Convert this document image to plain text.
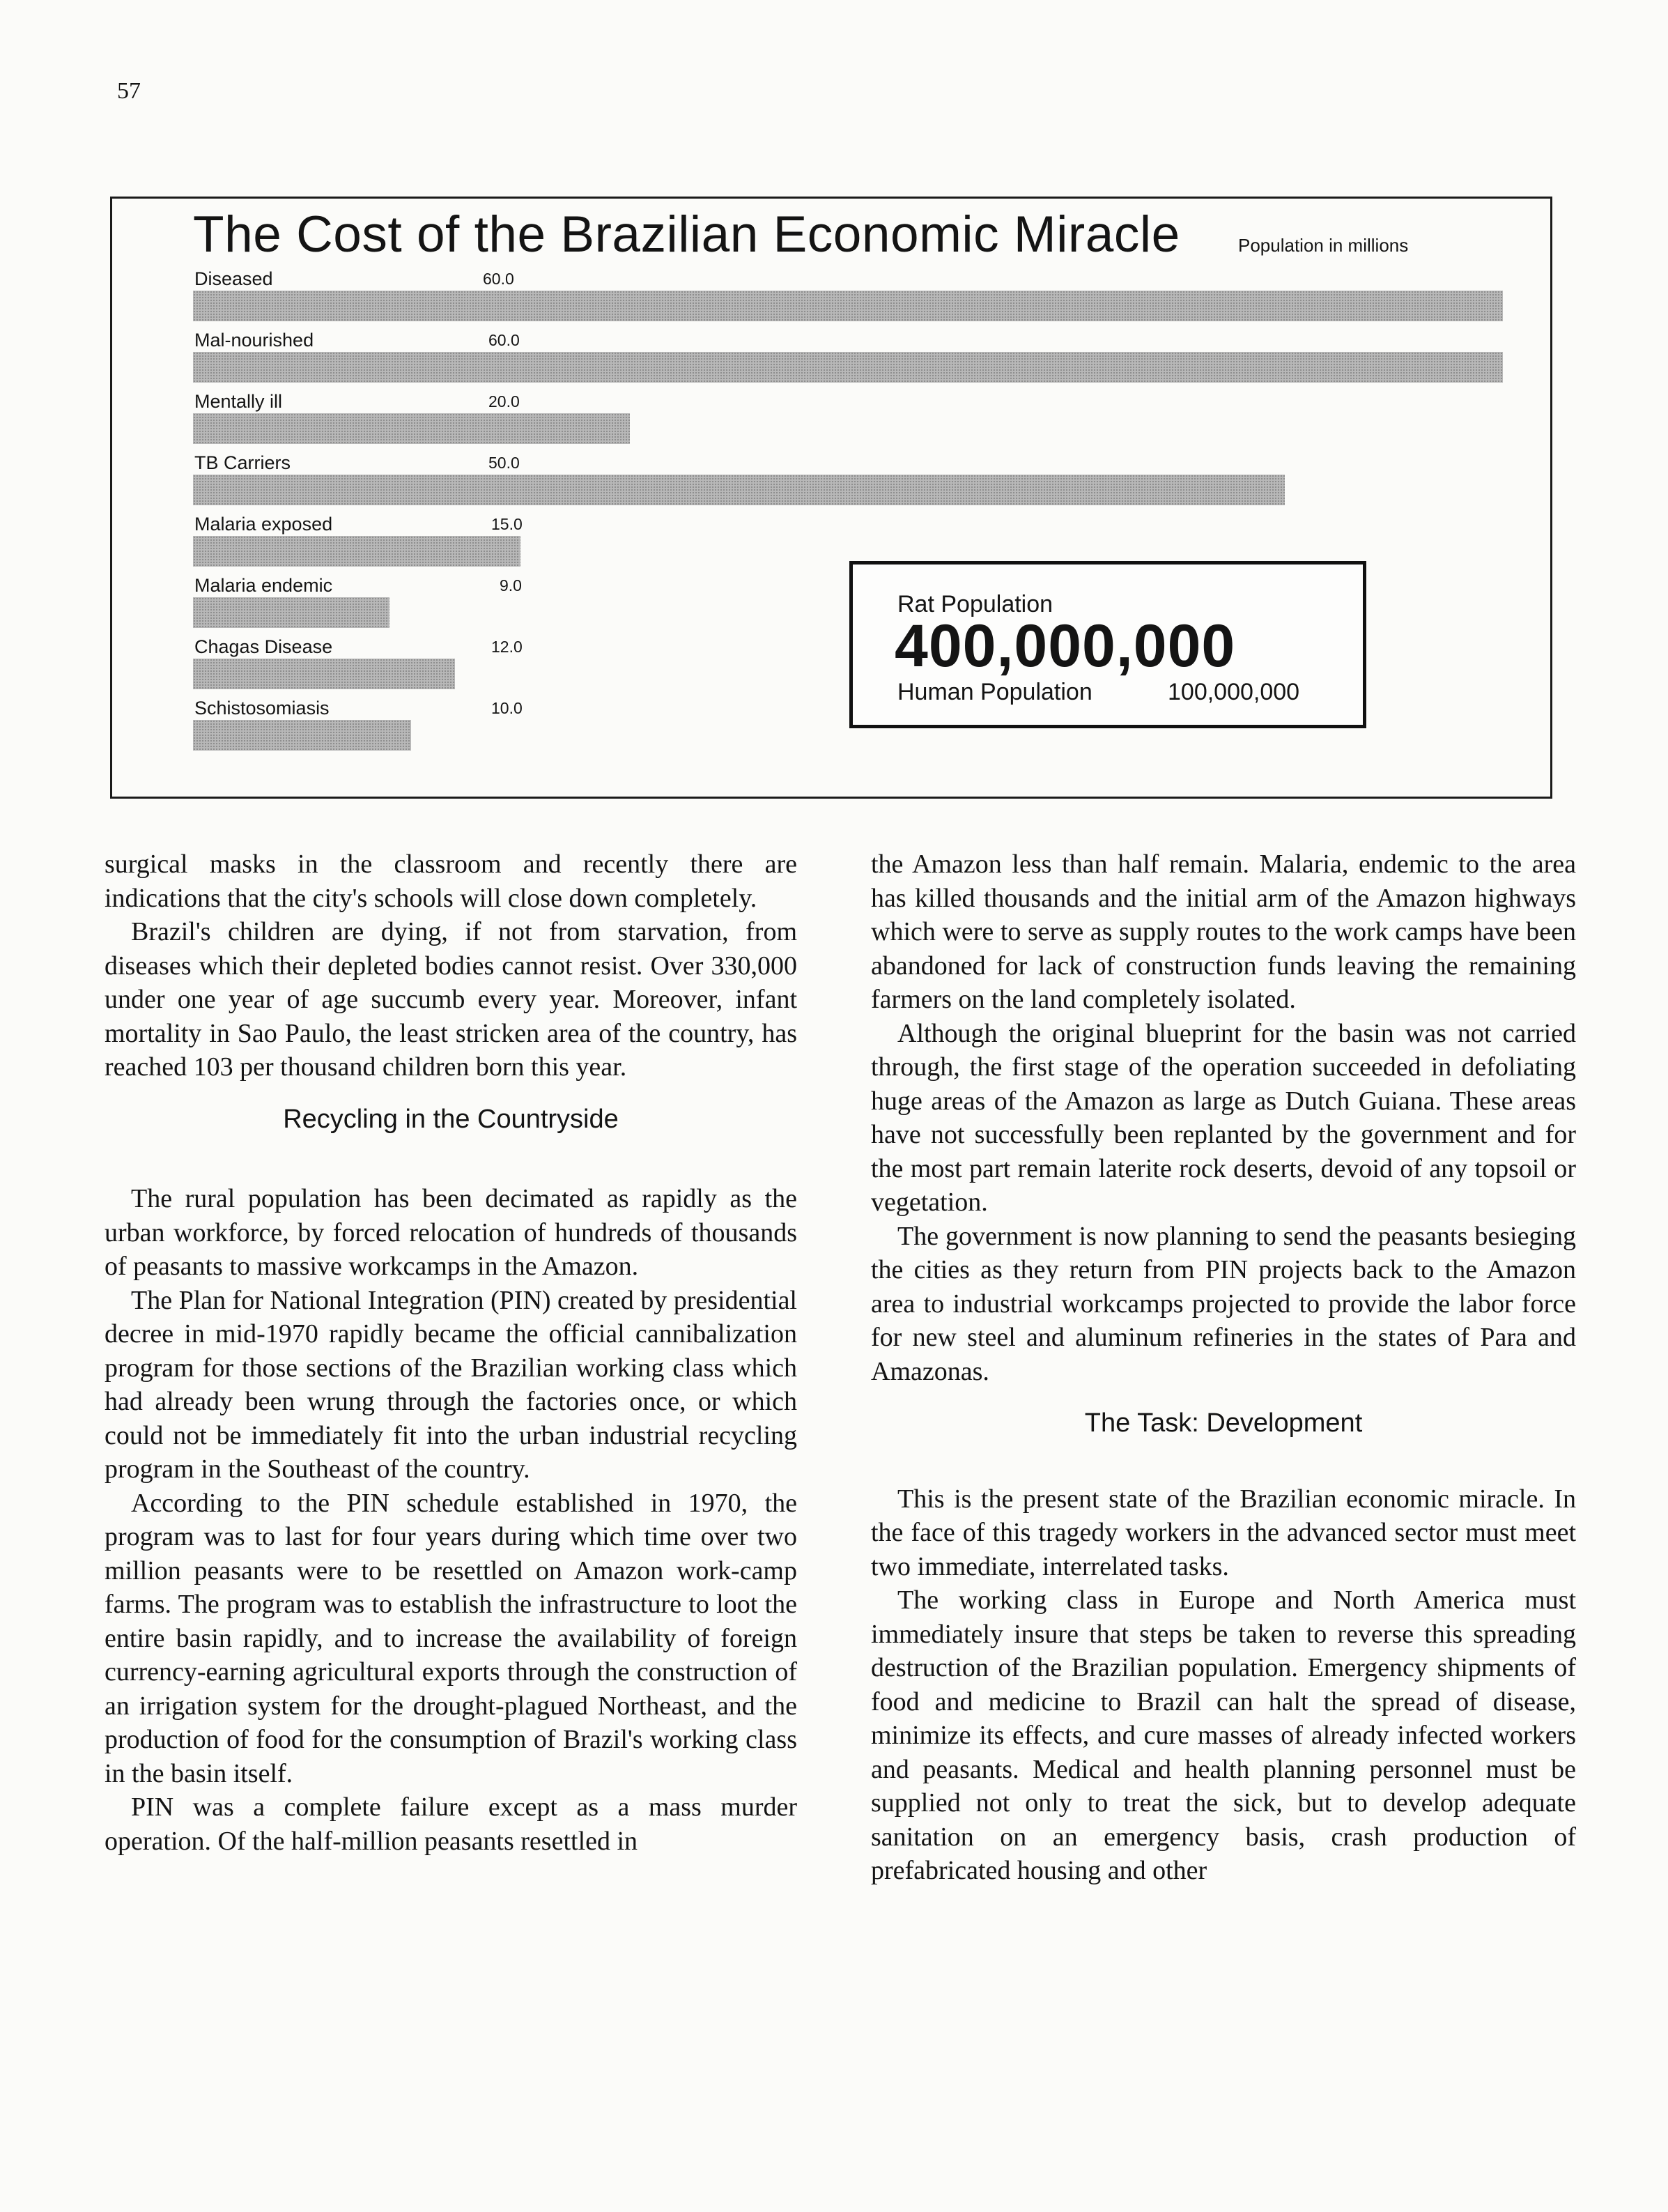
57
The Cost of the Brazilian Economic Miracle	Population in millions
Diseased	60.0
Mal-nourished	60.0
Mentally ill	20.0
TB Carriers	50.0
Malaria exposed	15.0
Malaria endemic	9.0
Chagas Disease	12.0
Schistosomiasis	10.0
Rat Population
400,000,000
Human Population	100,000,000

surgical masks in the classroom and recently there are indications that the city's schools will close down completely.

Brazil's children are dying, if not from starvation, from diseases which their depleted bodies cannot resist. Over 330,000 under one year of age succumb every year. Moreover, infant mortality in Sao Paulo, the least stricken area of the country, has reached 103 per thousand children born this year.

Recycling in the Countryside

The rural population has been decimated as rapidly as the urban workforce, by forced relocation of hundreds of thousands of peasants to massive workcamps in the Amazon.

The Plan for National Integration (PIN) created by presidential decree in mid-1970 rapidly became the official cannibalization program for those sections of the Brazilian working class which had already been wrung through the factories once, or which could not be immediately fit into the urban industrial recycling program in the Southeast of the country.

According to the PIN schedule established in 1970, the program was to last for four years during which time over two million peasants were to be resettled on Amazon work-camp farms. The program was to establish the infrastructure to loot the entire basin rapidly, and to increase the availability of foreign currency-earning agricultural exports through the construction of an irrigation system for the drought-plagued Northeast, and the production of food for the consumption of Brazil's working class in the basin itself.

PIN was a complete failure except as a mass murder operation. Of the half-million peasants resettled in

the Amazon less than half remain. Malaria, endemic to the area has killed thousands and the initial arm of the Amazon highways which were to serve as supply routes to the work camps have been abandoned for lack of construction funds leaving the remaining farmers on the land completely isolated.

Although the original blueprint for the basin was not carried through, the first stage of the operation succeeded in defoliating huge areas of the Amazon as large as Dutch Guiana. These areas have not successfully been replanted by the government and for the most part remain laterite rock deserts, devoid of any topsoil or vegetation.

The government is now planning to send the peasants besieging the cities as they return from PIN projects back to the Amazon area to industrial workcamps projected to provide the labor force for new steel and aluminum refineries in the states of Para and Amazonas.

The Task: Development

This is the present state of the Brazilian economic miracle. In the face of this tragedy workers in the advanced sector must meet two immediate, interrelated tasks.

The working class in Europe and North America must immediately insure that steps be taken to reverse this spreading destruction of the Brazilian population. Emergency shipments of food and medicine to Brazil can halt the spread of disease, minimize its effects, and cure masses of already infected workers and peasants. Medical and health planning personnel must be supplied not only to treat the sick, but to develop adequate sanitation on an emergency basis, crash production of prefabricated housing and other
